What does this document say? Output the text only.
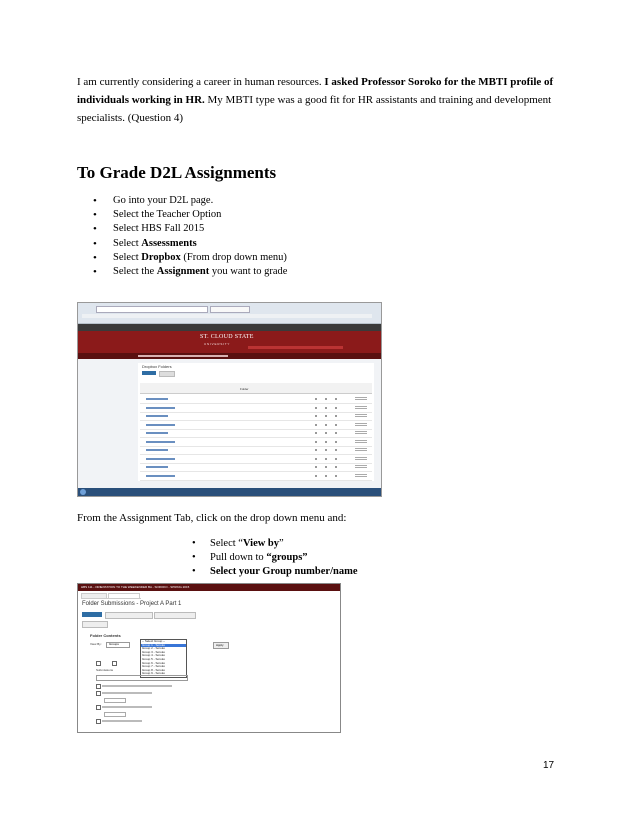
I am currently considering a career in human resources. I asked Professor Soroko for the MBTI profile of individuals working in HR. My MBTI type was a good fit for HR assistants and training and development specialists. (Question 4)
To Grade D2L Assignments
• Go into your D2L page.
• Select the Teacher Option
• Select HBS Fall 2015
• Select Assessments
• Select Dropbox (From drop down menu)
• Select the Assignment you want to grade
ST. CLOUD STATE
U N I V E R S I T Y
Dropbox Folders
Folder
From the Assignment Tab, click on the drop down menu and:
• Select “View by”
• Pull down to “groups”
• Select your Group number/name
HBS 111 - ORIENTATION TO THE WEEKENDER BA - SOROKO - SPRING 2015
Folder Submissions - Project A Part 1
Folder Contents
View By: Groups	Apply
-- Select Group --
Group 1 - Soroko
Group 2 - Soroko
Group 3 - Soroko
Group 4 - Soroko
Group 5 - Soroko
Group 6 - Soroko
Group 7 - Soroko
Group 8 - Soroko
Group 9 - Soroko
Submissions
17
